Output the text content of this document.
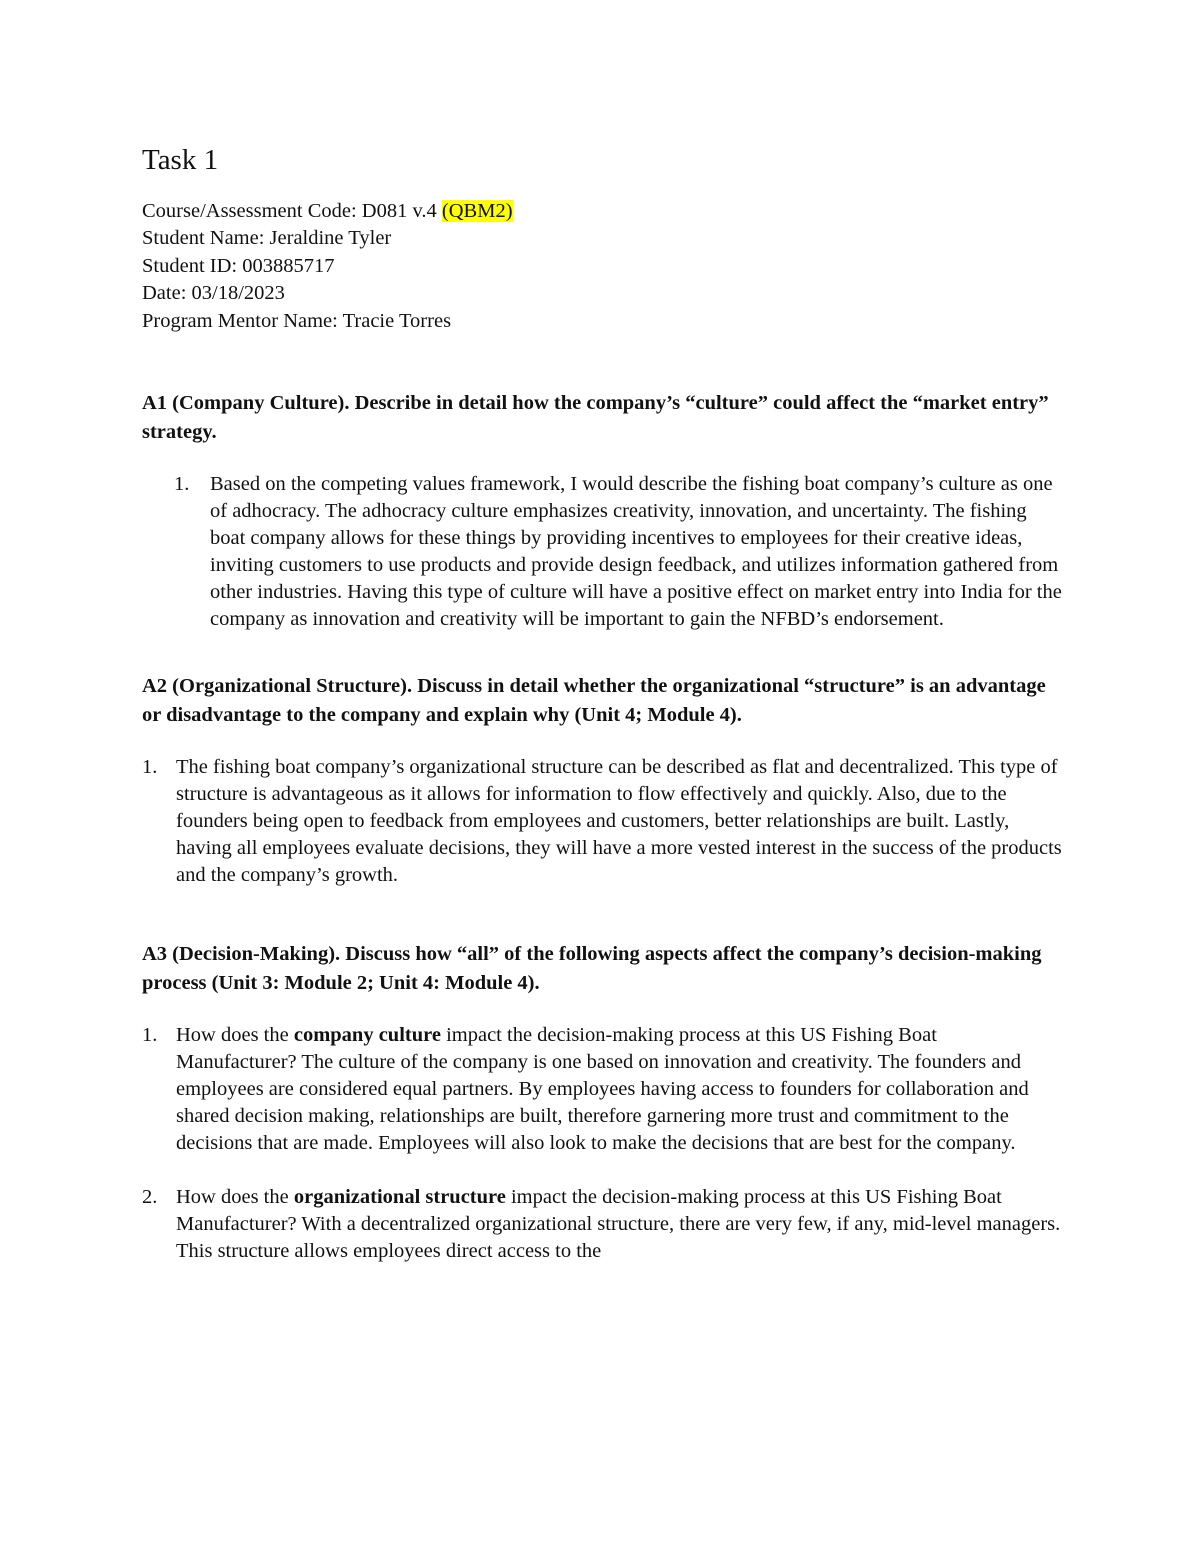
Task 1
Course/Assessment Code: D081 v.4 (QBM2)
Student Name: Jeraldine Tyler
Student ID: 003885717
Date: 03/18/2023
Program Mentor Name: Tracie Torres
A1 (Company Culture). Describe in detail how the company’s “culture” could affect the “market entry” strategy.
1.	Based on the competing values framework, I would describe the fishing boat company’s culture as one of adhocracy. The adhocracy culture emphasizes creativity, innovation, and uncertainty. The fishing boat company allows for these things by providing incentives to employees for their creative ideas, inviting customers to use products and provide design feedback, and utilizes information gathered from other industries. Having this type of culture will have a positive effect on market entry into India for the company as innovation and creativity will be important to gain the NFBD’s endorsement.
A2 (Organizational Structure). Discuss in detail whether the organizational “structure” is an advantage or disadvantage to the company and explain why (Unit 4; Module 4).
1. The fishing boat company’s organizational structure can be described as flat and decentralized. This type of structure is advantageous as it allows for information to flow effectively and quickly. Also, due to the founders being open to feedback from employees and customers, better relationships are built. Lastly, having all employees evaluate decisions, they will have a more vested interest in the success of the products and the company’s growth.
A3 (Decision-Making). Discuss how “all” of the following aspects affect the company’s decision-making process (Unit 3: Module 2; Unit 4: Module 4).
1. How does the company culture impact the decision-making process at this US Fishing Boat Manufacturer? The culture of the company is one based on innovation and creativity. The founders and employees are considered equal partners. By employees having access to founders for collaboration and shared decision making, relationships are built, therefore garnering more trust and commitment to the decisions that are made. Employees will also look to make the decisions that are best for the company.
2. How does the organizational structure impact the decision-making process at this US Fishing Boat Manufacturer? With a decentralized organizational structure, there are very few, if any, mid-level managers. This structure allows employees direct access to the
